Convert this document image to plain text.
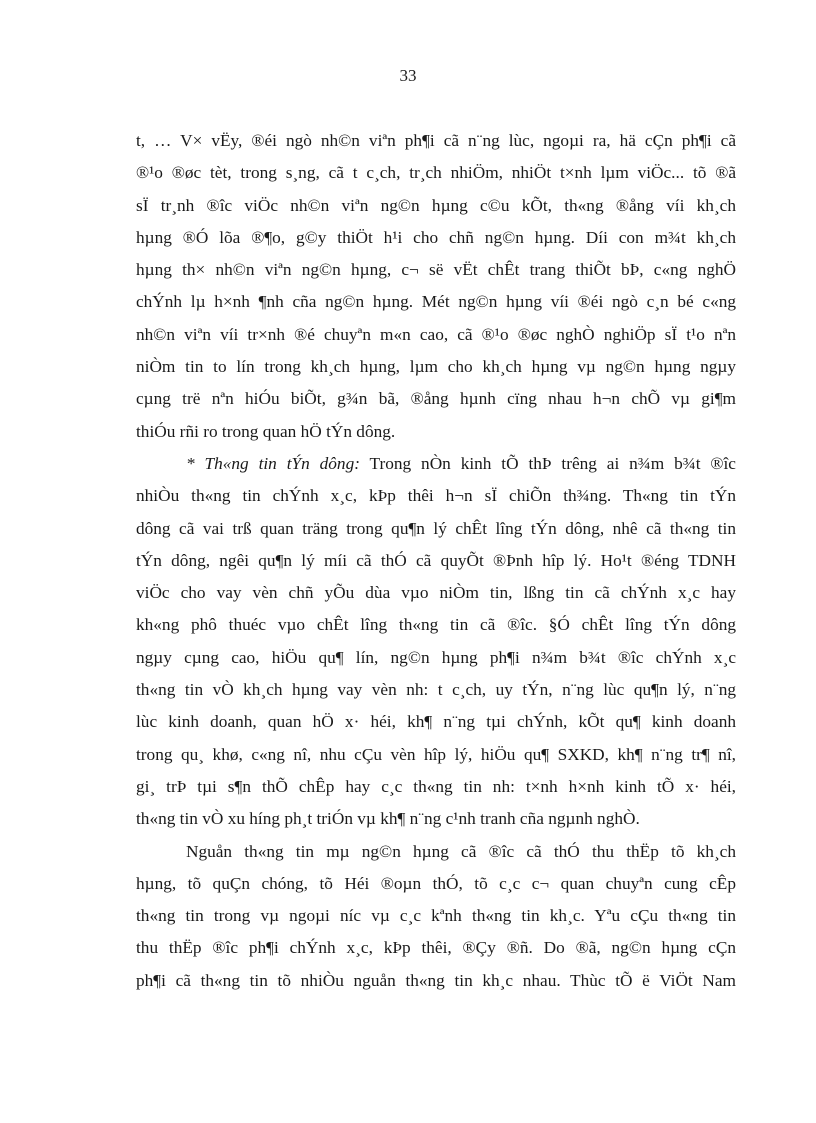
33
t, … V× vËy, ®éi ngò nh©n viªn ph¶i cã n¨ng lùc, ngoµi ra, hä cÇn ph¶i cã
®¹o ®øc tèt, trong s¸ng, cã t c¸ch, tr¸ch nhiÖm, nhiÖt t×nh lµm viÖc... tõ ®ã
sÏ tr¸nh ®îc viÖc nh©n viªn ng©n hµng c©u kÕt, th«ng ®ång víi kh¸ch
hµng ®Ó lõa ®¶o, g©y thiÖt h¹i cho chñ ng©n hµng. Díi con m¾t kh¸ch
hµng th× nh©n viªn ng©n hµng, c¬ së vËt chÊt trang thiÕt bÞ, c«ng nghÖ
chÝnh lµ h×nh ¶nh cña ng©n hµng. Mét ng©n hµng víi ®éi ngò c¸n bé c«ng
nh©n viªn víi tr×nh ®é chuyªn m«n cao, cã ®¹o ®øc nghÒ nghiÖp sÏ t¹o nªn
niÒm tin to lín trong kh¸ch hµng, lµm cho kh¸ch hµng vµ ng©n hµng ngµy
cµng trë nªn hiÓu biÕt, g¾n bã, ®ång hµnh cïng nhau h¬n chÕ vµ gi¶m
thiÓu rñi ro trong quan hÖ tÝn dông.
* Th«ng tin tÝn dông: Trong nÒn kinh tÕ thÞ trêng ai n¾m b¾t ®îc
nhiÒu th«ng tin chÝnh x¸c, kÞp thêi h¬n sÏ chiÕn th¾ng. Th«ng tin tÝn
dông cã vai trß quan träng trong qu¶n lý chÊt lîng tÝn dông, nhê cã th«ng tin
tÝn dông, ngêi qu¶n lý míi cã thÓ cã quyÕt ®Þnh hîp lý. Ho¹t ®éng TDNH
viÖc cho vay vèn chñ yÕu dùa vµo niÒm tin, lßng tin cã chÝnh x¸c hay
kh«ng phô thuéc vµo chÊt lîng th«ng tin cã ®îc. §Ó chÊt lîng tÝn dông
ngµy cµng cao, hiÖu qu¶ lín, ng©n hµng ph¶i n¾m b¾t ®îc chÝnh x¸c
th«ng tin vÒ kh¸ch hµng vay vèn nh: t c¸ch, uy tÝn, n¨ng lùc qu¶n lý, n¨ng
lùc kinh doanh, quan hÖ x· héi, kh¶ n¨ng tµi chÝnh, kÕt qu¶ kinh doanh
trong qu¸ khø, c«ng nî, nhu cÇu vèn hîp lý, hiÖu qu¶ SXKD, kh¶ n¨ng tr¶ nî,
gi¸ trÞ tµi s¶n thÕ chÊp hay c¸c th«ng tin nh: t×nh h×nh kinh tÕ x· héi,
th«ng tin vÒ xu híng ph¸t triÓn vµ kh¶ n¨ng c¹nh tranh cña ngµnh nghÒ.
Nguån th«ng tin mµ ng©n hµng cã ®îc cã thÓ thu thËp tõ kh¸ch
hµng, tõ quÇn chóng, tõ Héi ®oµn thÓ, tõ c¸c c¬ quan chuyªn cung cÊp
th«ng tin trong vµ ngoµi níc vµ c¸c kªnh th«ng tin kh¸c. Yªu cÇu th«ng tin
thu thËp ®îc ph¶i chÝnh x¸c, kÞp thêi, ®Çy ®ñ. Do ®ã, ng©n hµng cÇn
ph¶i cã th«ng tin tõ nhiÒu nguån th«ng tin kh¸c nhau. Thùc tÕ ë ViÖt Nam
